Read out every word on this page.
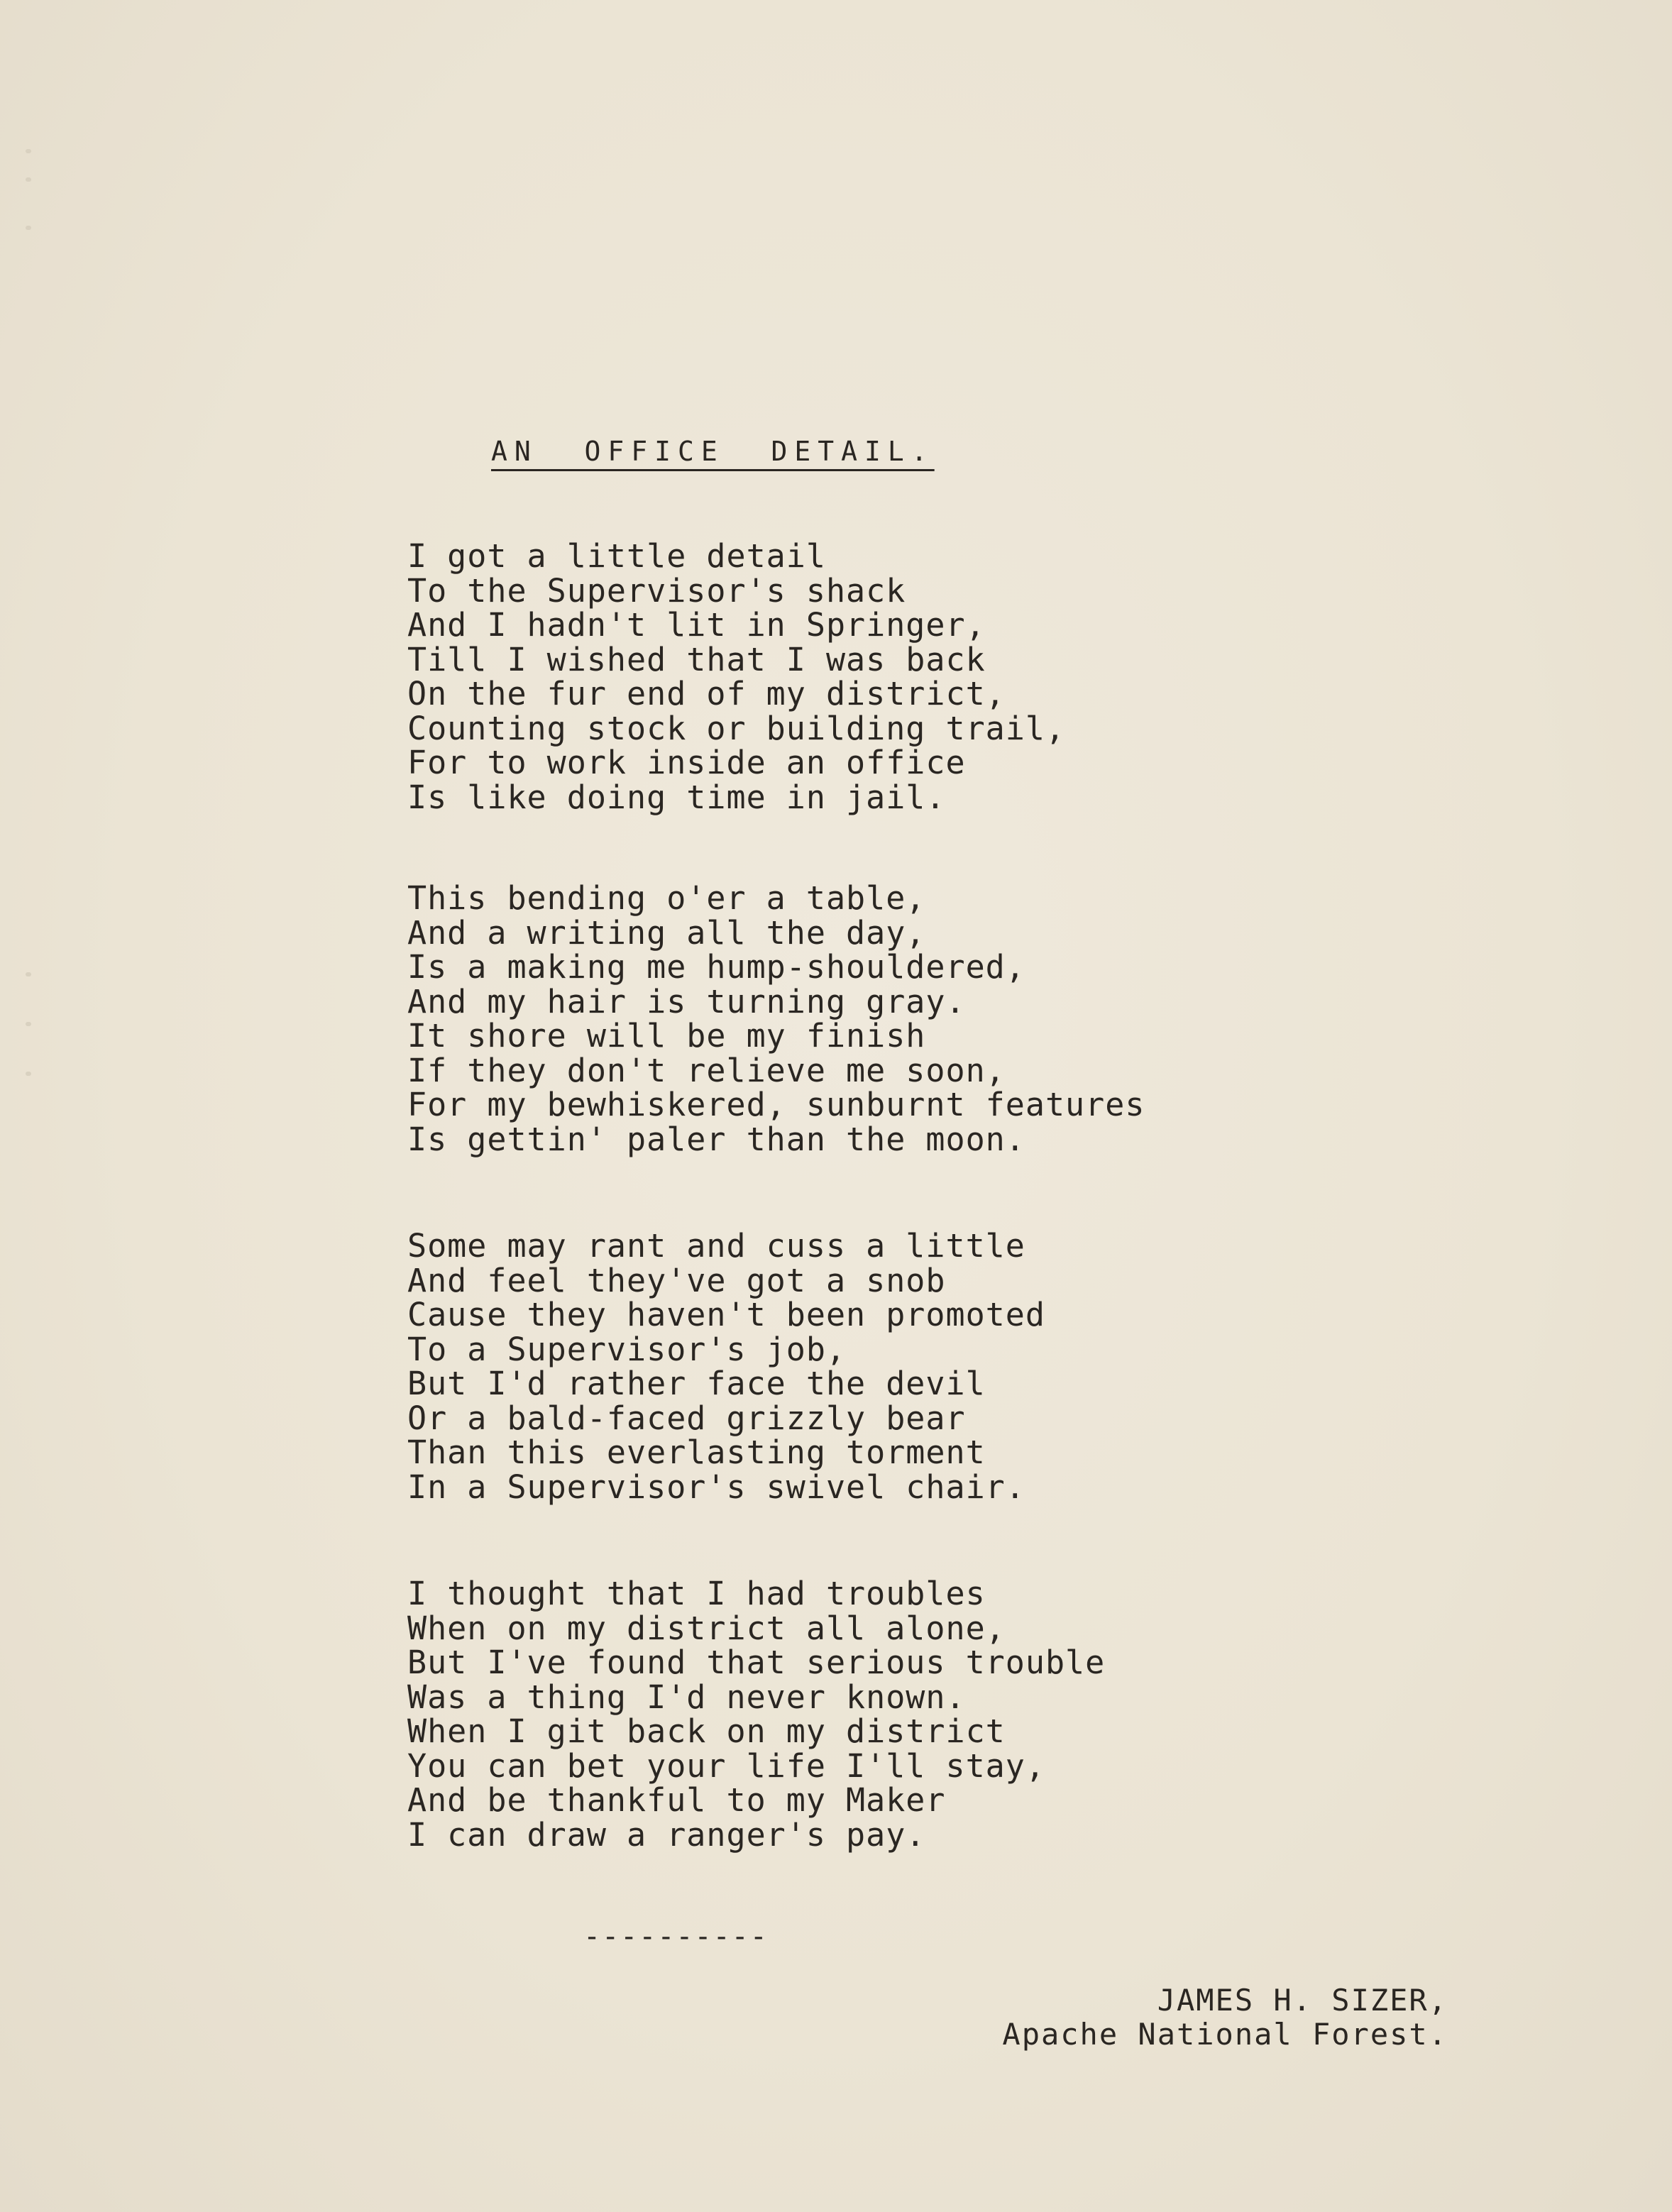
AN  OFFICE  DETAIL.
I got a little detail
To the Supervisor's shack
And I hadn't lit in Springer,
Till I wished that I was back
On the fur end of my district,
Counting stock or building trail,
For to work inside an office
Is like doing time in jail.
This bending o'er a table,
And a writing all the day,
Is a making me hump-shouldered,
And my hair is turning gray.
It shore will be my finish
If they don't relieve me soon,
For my bewhiskered, sunburnt features
Is gettin' paler than the moon.
Some may rant and cuss a little
And feel they've got a snob
Cause they haven't been promoted
To a Supervisor's job,
But I'd rather face the devil
Or a bald-faced grizzly bear
Than this everlasting torment
In a Supervisor's swivel chair.
I thought that I had troubles
When on my district all alone,
But I've found that serious trouble
Was a thing I'd never known.
When I git back on my district
You can bet your life I'll stay,
And be thankful to my Maker
I can draw a ranger's pay.
----------
JAMES H. SIZER,
Apache National Forest.
